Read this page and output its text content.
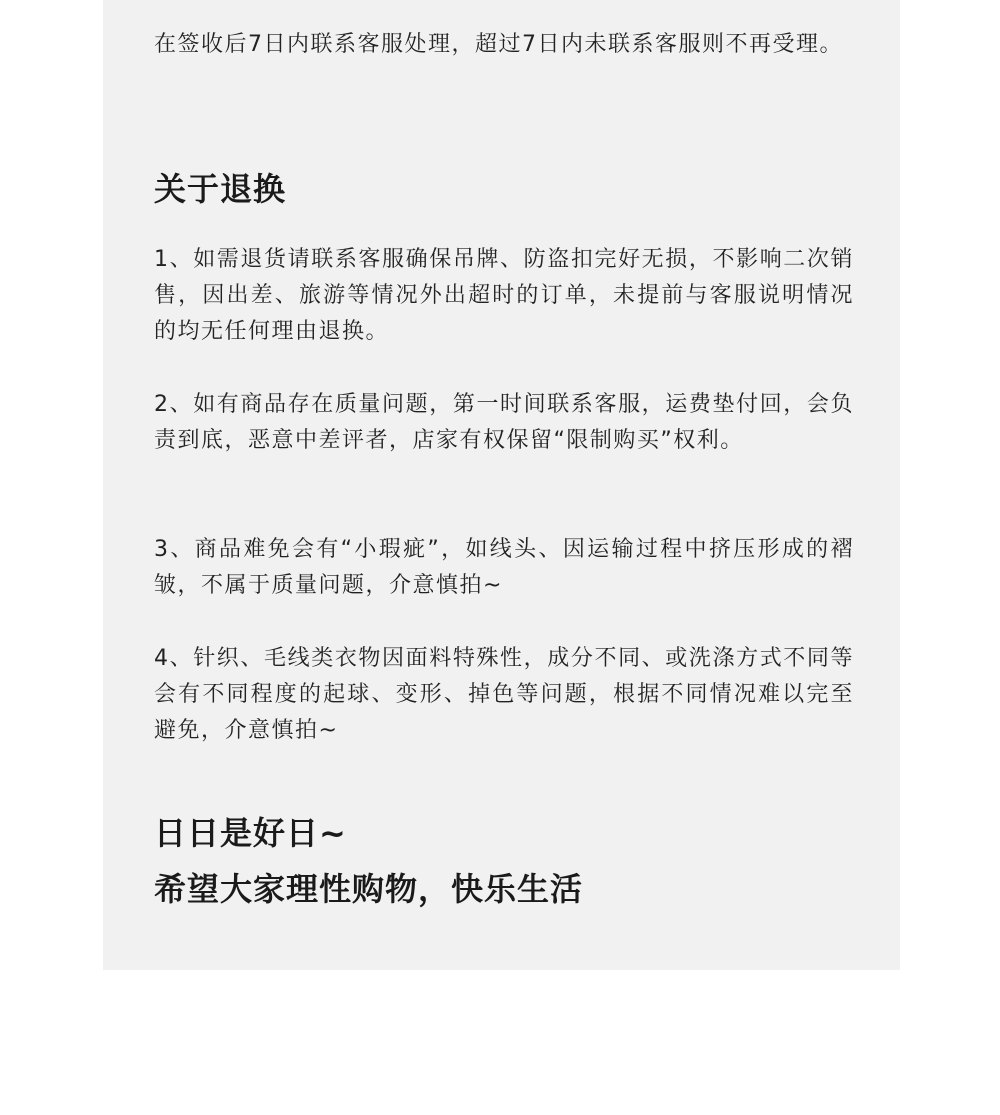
在签收后7日内联系客服处理，超过7日内未联系客服则不再受理。

关于退换

1、如需退货请联系客服确保吊牌、防盗扣完好无损，不影响二次销售，因出差、旅游等情况外出超时的订单，未提前与客服说明情况的均无任何理由退换。

2、如有商品存在质量问题，第一时间联系客服，运费垫付回，会负责到底，恶意中差评者，店家有权保留“限制购买”权利。

3、商品难免会有“小瑕疵”，如线头、因运输过程中挤压形成的褶皱，不属于质量问题，介意慎拍~

4、针织、毛线类衣物因面料特殊性，成分不同、或洗涤方式不同等会有不同程度的起球、变形、掉色等问题，根据不同情况难以完至避免，介意慎拍~

日日是好日~
希望大家理性购物，快乐生活
